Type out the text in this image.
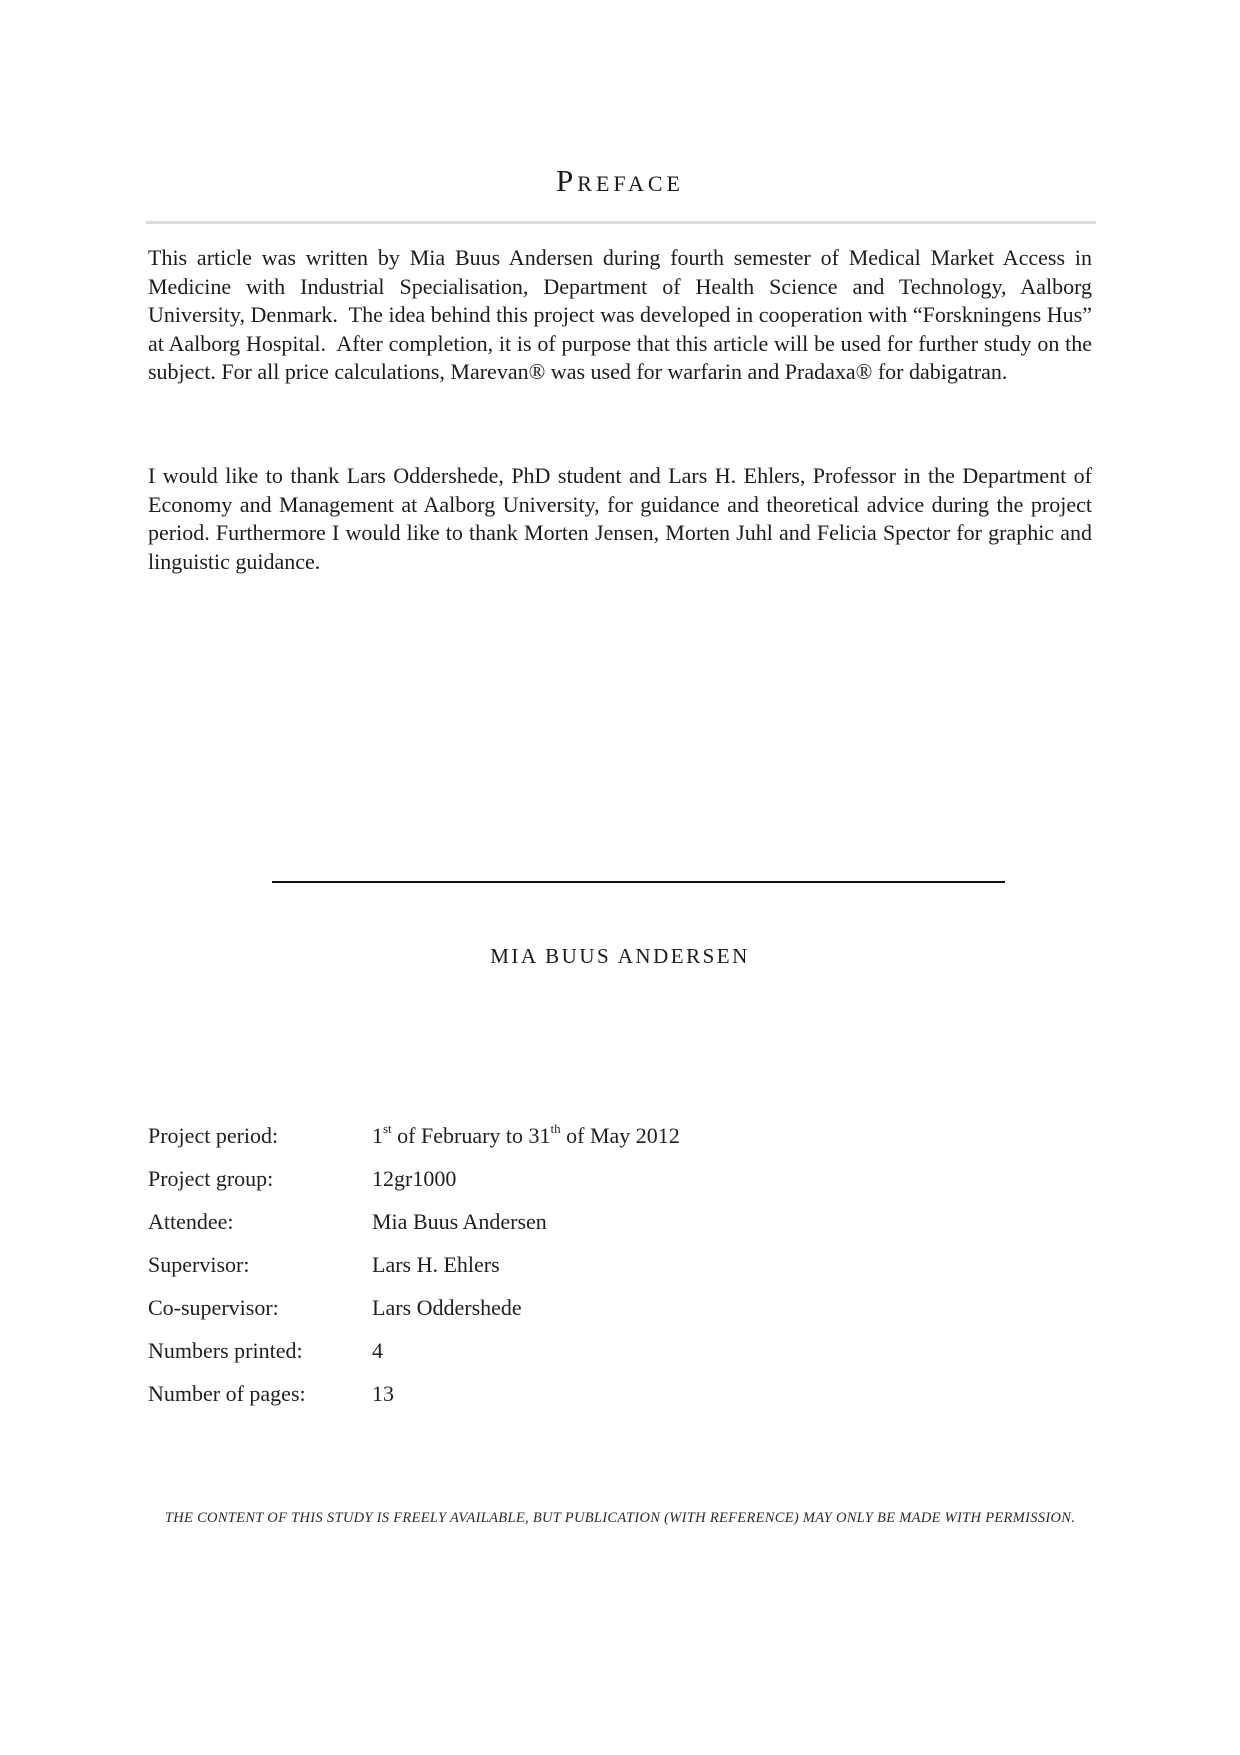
PREFACE

This article was written by Mia Buus Andersen during fourth semester of Medical Market Access in Medicine with Industrial Specialisation, Department of Health Science and Technology, Aalborg University, Denmark.  The idea behind this project was developed in cooperation with “Forskningens Hus” at Aalborg Hospital.  After completion, it is of purpose that this article will be used for further study on the subject. For all price calculations, Marevan® was used for warfarin and Pradaxa® for dabigatran.

I would like to thank Lars Oddershede, PhD student and Lars H. Ehlers, Professor in the Department of Economy and Management at Aalborg University, for guidance and theoretical advice during the project period. Furthermore I would like to thank Morten Jensen, Morten Juhl and Felicia Spector for graphic and linguistic guidance.

MIA BUUS ANDERSEN
Project period:	1st of February to 31th of May 2012
Project group:	12gr1000
Attendee:	Mia Buus Andersen
Supervisor:	Lars H. Ehlers
Co-supervisor:	Lars Oddershede
Numbers printed:	4
Number of pages:	13
THE CONTENT OF THIS STUDY IS FREELY AVAILABLE, BUT PUBLICATION (WITH REFERENCE) MAY ONLY BE MADE WITH PERMISSION.
